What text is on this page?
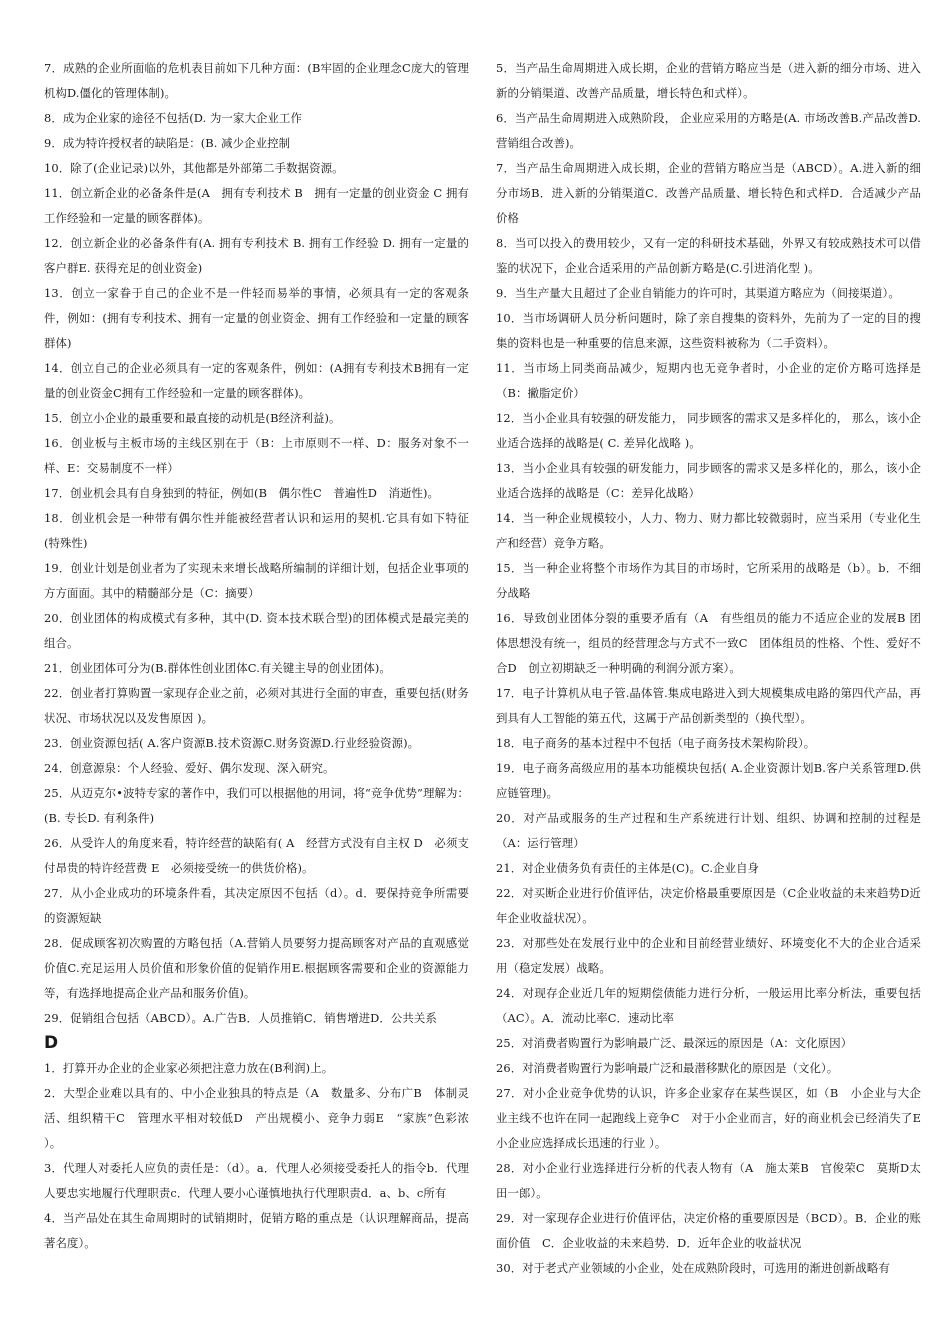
7．成熟的企业所面临的危机表目前如下几种方面：(B牢固的企业理念C庞大的管理机构D.僵化的管理体制)。

8．成为企业家的途径不包括(D. 为一家大企业工作

9．成为特许授权者的缺陷是：(B. 减少企业控制

10．除了(企业记录)以外，其他都是外部第二手数据资源。

11．创立新企业的必备条件是(A　拥有专利技术 B　拥有一定量的创业资金 C 拥有工作经验和一定量的顾客群体)。

12．创立新企业的必备条件有(A. 拥有专利技术 B. 拥有工作经验 D. 拥有一定量的客户群E. 获得充足的创业资金)

13．创立一家眷于自己的企业不是一件轻而易举的事情，必须具有一定的客观条件，例如：(拥有专利技术、拥有一定量的创业资金、拥有工作经验和一定量的顾客群体)

14．创立自己的企业必须具有一定的客观条件，例如：(A拥有专利技术B拥有一定量的创业资金C拥有工作经验和一定量的顾客群体)。

15．创立小企业的最重要和最直接的动机是(B经济利益)。

16．创业板与主板市场的主线区别在于（B：上市原则不一样、D：服务对象不一样、E：交易制度不一样）

17．创业机会具有自身独到的特征，例如(B　偶尔性C　普遍性D　消逝性)。

18．创业机会是一种带有偶尔性并能被经营者认识和运用的契机.它具有如下特征(特殊性)

19．创业计划是创业者为了实现未来增长战略所编制的详细计划，包括企业事项的方方面面。其中的精髓部分是（C：摘要）

20．创业团体的构成模式有多种，其中(D. 资本技术联合型)的团体模式是最完美的组合。

21．创业团体可分为(B.群体性创业团体C.有关键主导的创业团体)。

22．创业者打算购置一家现存企业之前，必须对其进行全面的审查，重要包括(财务状况、市场状况以及发售原因 )。

23．创业资源包括( A.客户资源B.技术资源C.财务资源D.行业经验资源)。

24．创意源泉：个人经验、爱好、偶尔发现、深入研究。

25．从迈克尔•波特专家的著作中，我们可以根据他的用词，将“竞争优势”理解为：(B. 专长D. 有利条件)

26．从受许人的角度来看，特许经营的缺陷有( A　经营方式没有自主权 D　必须支付昂贵的特许经营费 E　必须接受统一的供货价格)。

27．从小企业成功的环境条件看，其决定原因不包括（d）。d．要保持竞争所需要的资源短缺

28．促成顾客初次购置的方略包括（A.营销人员要努力提高顾客对产品的直观感觉价值C.充足运用人员价值和形象价值的促销作用E.根据顾客需要和企业的资源能力等，有选择地提高企业产品和服务价值)。

29．促销组合包括（ABCD）。A.广告B．人员推销C．销售增进D．公共关系

D

1．打算开办企业的企业家必须把注意力放在(B利润)上。

2．大型企业难以具有的、中小企业独具的特点是（A　数量多、分布广B　体制灵活、组织精干C　管理水平相对较低D　产出规模小、竞争力弱E　“家族”色彩浓 ）。

3．代理人对委托人应负的责任是：（d）。a．代理人必须接受委托人的指令b．代理人要忠实地履行代理职责c．代理人要小心谨慎地执行代理职责d．a、b、c所有

4．当产品处在其生命周期时的试销期时，促销方略的重点是（认识理解商品，提高著名度）。

5．当产品生命周期进入成长期，企业的营销方略应当是（进入新的细分市场、进入新的分销渠道、改善产品质量，增长特色和式样）。

6．当产品生命周期进入成熟阶段， 企业应采用的方略是(A. 市场改善B.产品改善D.营销组合改善)。

7．当产品生命周期进入成长期，企业的营销方略应当是（ABCD）。A.进入新的细分市场B．进入新的分销渠道C．改善产品质量、增长特色和式样D．合适减少产品价格

8．当可以投入的费用较少，又有一定的科研技术基础，外界又有较成熟技术可以借鉴的状况下，企业合适采用的产品创新方略是(C.引进消化型 )。

9．当生产量大且超过了企业自销能力的许可时，其渠道方略应为（间接渠道）。

10．当市场调研人员分析问题时，除了亲自搜集的资料外，先前为了一定的目的搜集的资料也是一种重要的信息来源，这些资料被称为（二手资料）。

11．当市场上同类商品减少，短期内也无竞争者时，小企业的定价方略可选择是（B：撇脂定价）

12．当小企业具有较强的研发能力， 同步顾客的需求又是多样化的， 那么，该小企业适合选择的战略是( C. 差异化战略 )。

13．当小企业具有较强的研发能力，同步顾客的需求又是多样化的，那么，该小企业适合选择的战略是（C：差异化战略）

14．当一种企业规模较小，人力、物力、财力都比较微弱时，应当采用（专业化生产和经营）竞争方略。

15．当一种企业将整个市场作为其目的市场时，它所采用的战略是（b）。b．不细分战略

16．导致创业团体分裂的重要矛盾有（A　有些组员的能力不适应企业的发展B 团体思想没有统一，组员的经营理念与方式不一致C　团体组员的性格、个性、爱好不合D　创立初期缺乏一种明确的利润分派方案）。

17．电子计算机从电子管.晶体管.集成电路进入到大规模集成电路的第四代产品，再到具有人工智能的第五代，这属于产品创新类型的（换代型）。

18．电子商务的基本过程中不包括（电子商务技术架构阶段）。

19．电子商务高级应用的基本功能模块包括( A.企业资源计划B.客户关系管理D.供应链管理)。

20．对产品或服务的生产过程和生产系统进行计划、组织、协调和控制的过程是（A：运行管理）

21．对企业债务负有责任的主体是(C)。C.企业自身

22．对买断企业进行价值评估，决定价格最重要原因是（C企业收益的未来趋势D近年企业收益状况）。

23．对那些处在发展行业中的企业和目前经营业绩好、环境变化不大的企业合适采用（稳定发展）战略。

24．对现存企业近几年的短期偿债能力进行分析，一般运用比率分析法，重要包括（AC）。A．流动比率C．速动比率

25．对消费者购置行为影响最广泛、最深远的原因是（A：文化原因）

26．对消费者购置行为影响最广泛和最潜移默化的原因是（文化）。

27．对小企业竞争优势的认识，许多企业家存在某些误区，如（B　小企业与大企业主线不也许在同一起跑线上竞争C　对于小企业而言，好的商业机会已经消失了E　小企业应选择成长迅速的行业 ）。

28．对小企业行业选择进行分析的代表人物有（A　施太莱B　官俊荣C　莫斯D太田一郎）。

29．对一家现存企业进行价值评估，决定价格的重要原因是（BCD）。B．企业的账面价值　C．企业收益的未来趋势．D．近年企业的收益状况

30．对于老式产业领域的小企业，处在成熟阶段时，可选用的渐进创新战略有
